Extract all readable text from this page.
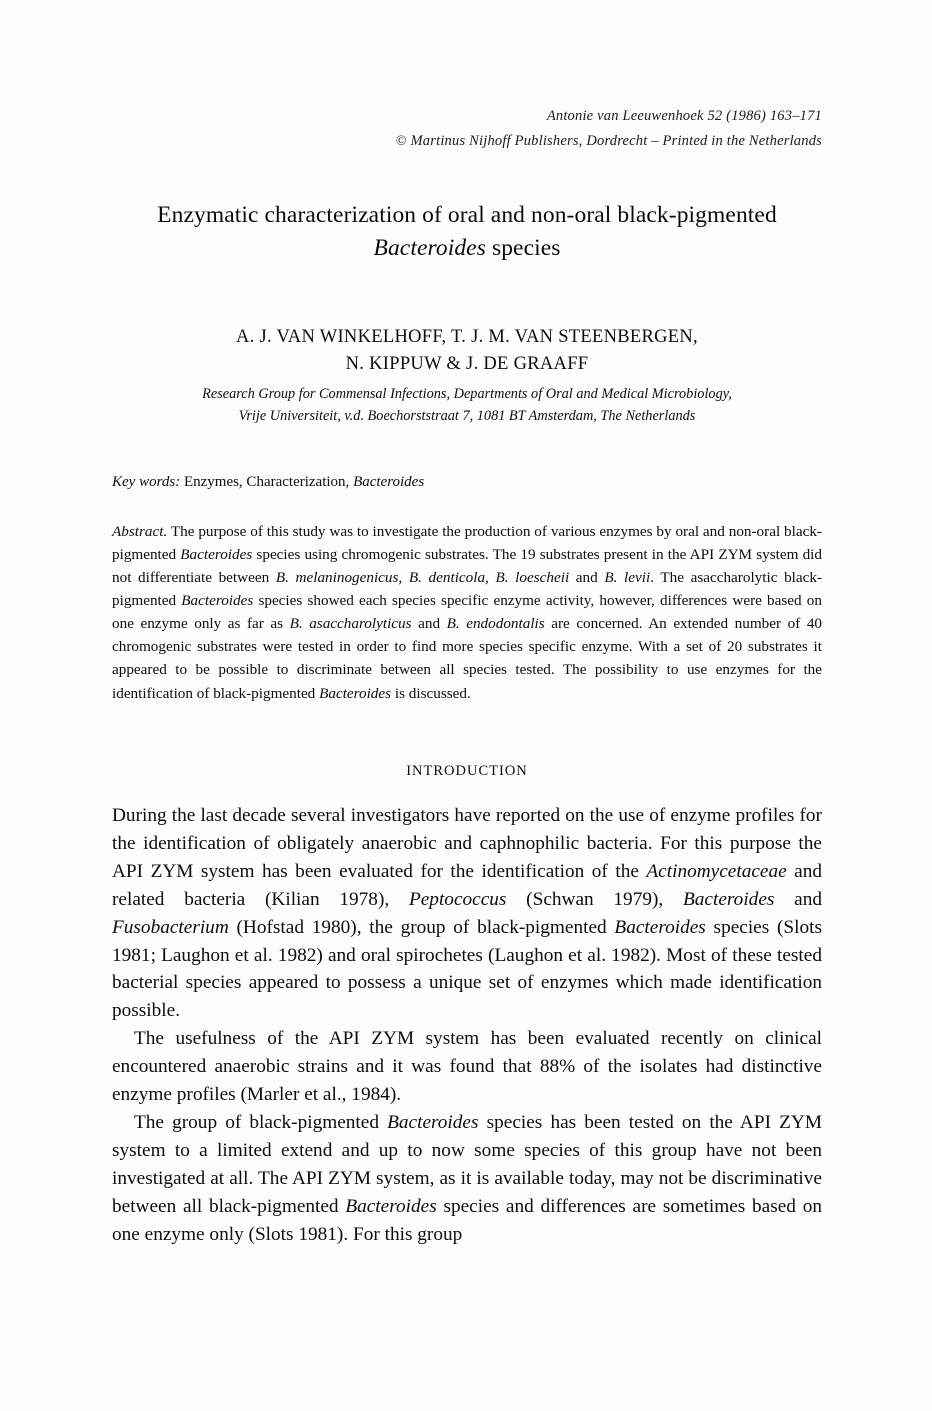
Antonie van Leeuwenhoek 52 (1986) 163–171
© Martinus Nijhoff Publishers, Dordrecht – Printed in the Netherlands
Enzymatic characterization of oral and non-oral black-pigmented
Bacteroides species
A. J. VAN WINKELHOFF, T. J. M. VAN STEENBERGEN,
N. KIPPUW & J. DE GRAAFF
Research Group for Commensal Infections, Departments of Oral and Medical Microbiology,
Vrije Universiteit, v.d. Boechorststraat 7, 1081 BT Amsterdam, The Netherlands
Key words: Enzymes, Characterization, Bacteroides
Abstract. The purpose of this study was to investigate the production of various enzymes by oral and non-oral black-pigmented Bacteroides species using chromogenic substrates. The 19 substrates present in the API ZYM system did not differentiate between B. melaninogenicus, B. denticola, B. loescheii and B. levii. The asaccharolytic black-pigmented Bacteroides species showed each species specific enzyme activity, however, differences were based on one enzyme only as far as B. asaccharolyticus and B. endodontalis are concerned. An extended number of 40 chromogenic substrates were tested in order to find more species specific enzyme. With a set of 20 substrates it appeared to be possible to discriminate between all species tested. The possibility to use enzymes for the identification of black-pigmented Bacteroides is discussed.
INTRODUCTION

During the last decade several investigators have reported on the use of enzyme profiles for the identification of obligately anaerobic and caphnophilic bacteria. For this purpose the API ZYM system has been evaluated for the identification of the Actinomycetaceae and related bacteria (Kilian 1978), Peptococcus (Schwan 1979), Bacteroides and Fusobacterium (Hofstad 1980), the group of black-pigmented Bacteroides species (Slots 1981; Laughon et al. 1982) and oral spirochetes (Laughon et al. 1982). Most of these tested bacterial species appeared to possess a unique set of enzymes which made identification possible.

The usefulness of the API ZYM system has been evaluated recently on clinical encountered anaerobic strains and it was found that 88% of the isolates had distinctive enzyme profiles (Marler et al., 1984).

The group of black-pigmented Bacteroides species has been tested on the API ZYM system to a limited extend and up to now some species of this group have not been investigated at all. The API ZYM system, as it is available today, may not be discriminative between all black-pigmented Bacteroides species and differences are sometimes based on one enzyme only (Slots 1981). For this group
